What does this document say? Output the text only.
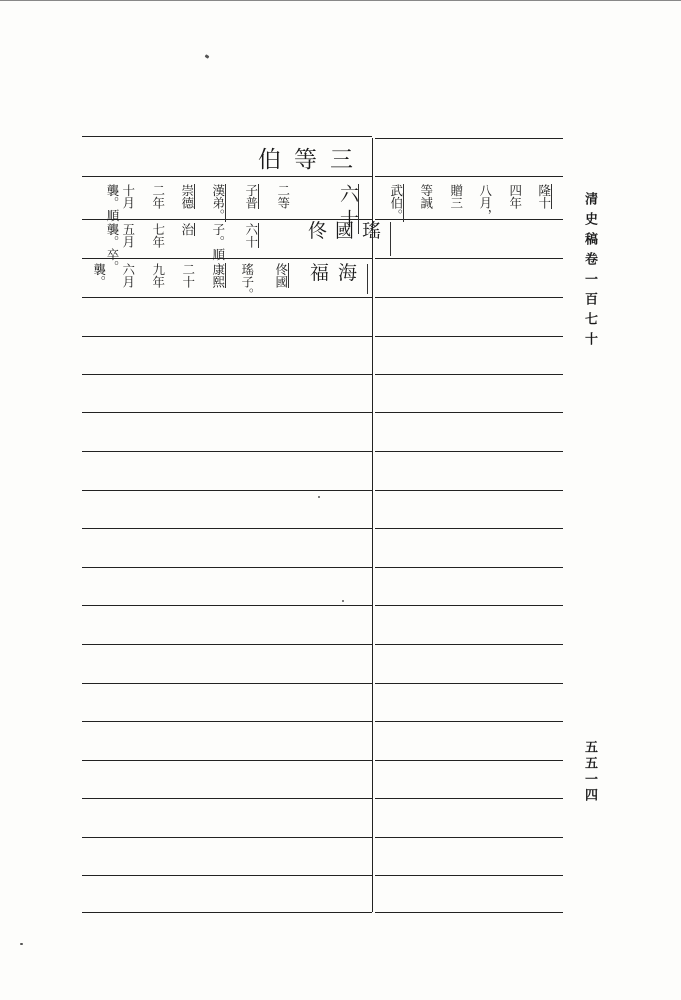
三等伯
六十
二等
子普
漢弟。
崇德
二年
十月
襲。順
佟國瑤
六十
子。順
治
七年
五月
襲。卒。	海福
佟國
瑤子。
康熙
二十
九年
六月
襲。
隆十
四年
八月，
贈三
等誠
武伯。	清史稿卷一百七十
五五一四
